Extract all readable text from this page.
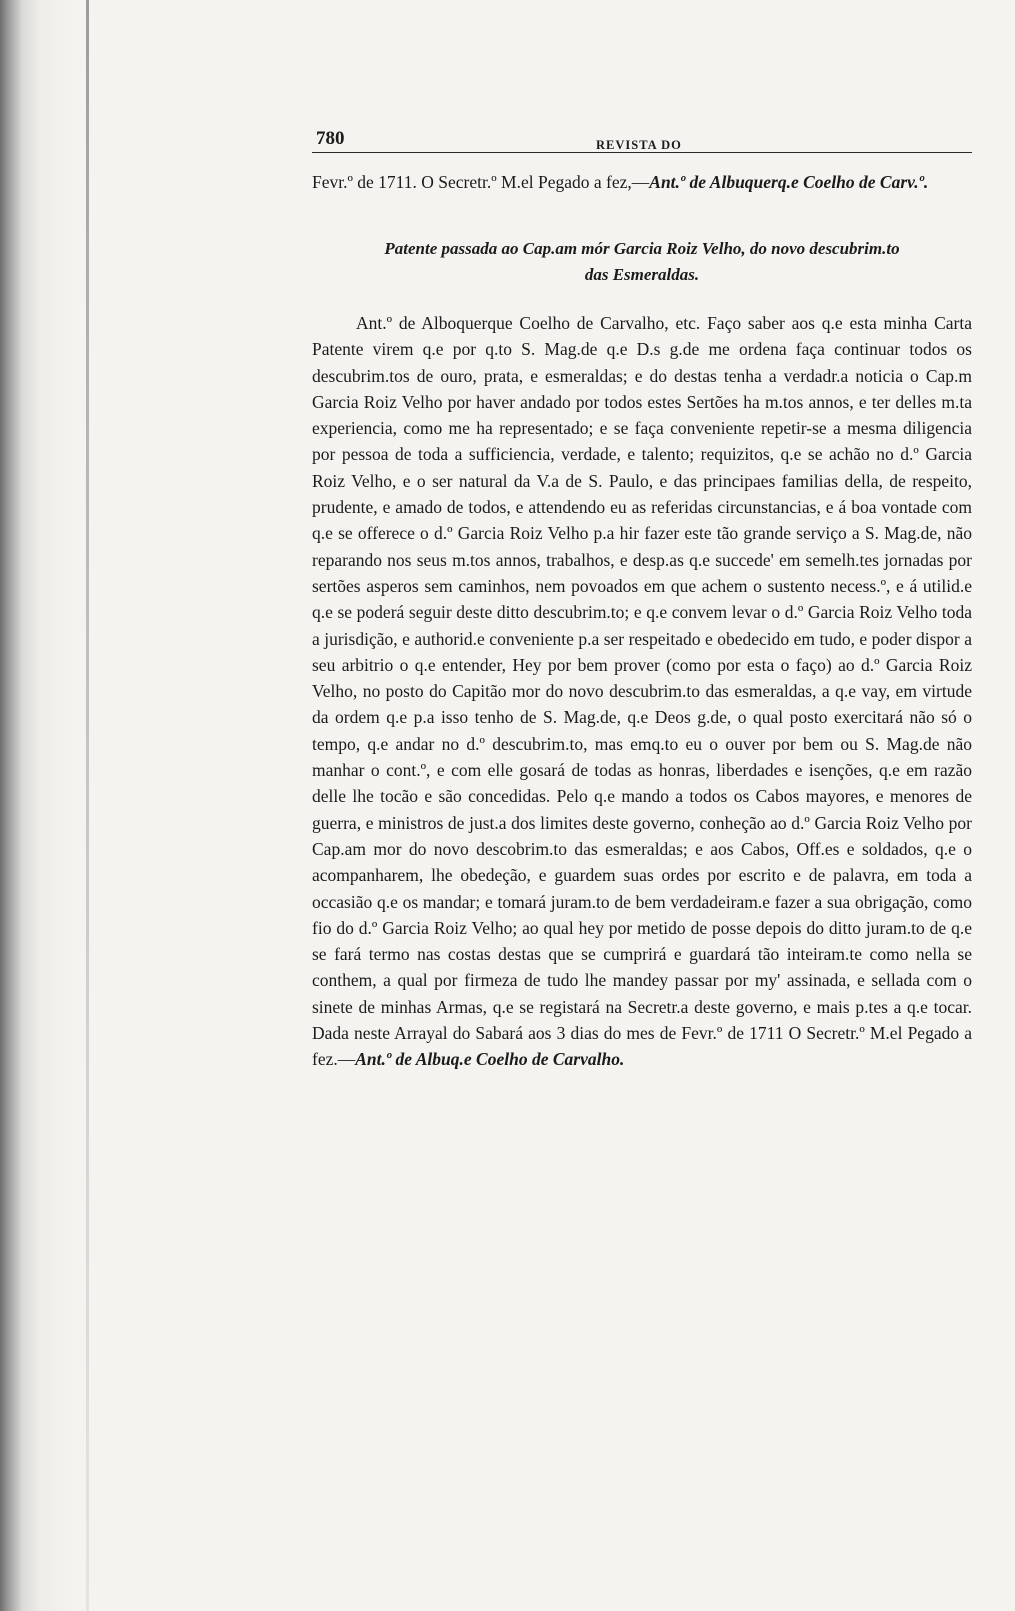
780	REVISTA DO

Fevr.º de 1711. O Secretr.º M.el Pegado a fez,—Ant.º de Albuquerq.e Coelho de Carv.º.

Patente passada ao Cap.am mór Garcia Roiz Velho, do novo descubrim.to
das Esmeraldas.

Ant.º de Alboquerque Coelho de Carvalho, etc. Faço saber aos q.e esta minha Carta Patente virem q.e por q.to S. Mag.de q.e D.s g.de me ordena faça continuar todos os descubrim.tos de ouro, prata, e esmeraldas; e do destas tenha a verdadr.a noticia o Cap.m Garcia Roiz Velho por haver andado por todos estes Sertões ha m.tos annos, e ter delles m.ta experiencia, como me ha representado; e se faça conveniente repetir-se a mesma diligencia por pessoa de toda a sufficiencia, verdade, e talento; requizitos, q.e se achão no d.º Garcia Roiz Velho, e o ser natural da V.a de S. Paulo, e das principaes familias della, de respeito, prudente, e amado de todos, e attendendo eu as referidas circunstancias, e á boa vontade com q.e se offerece o d.º Garcia Roiz Velho p.a hir fazer este tão grande serviço a S. Mag.de, não reparando nos seus m.tos annos, trabalhos, e desp.as q.e succede' em semelh.tes jornadas por sertões asperos sem caminhos, nem povoados em que achem o sustento necess.º, e á utilid.e q.e se poderá seguir deste ditto descubrim.to; e q.e convem levar o d.º Garcia Roiz Velho toda a jurisdição, e authorid.e conveniente p.a ser respeitado e obedecido em tudo, e poder dispor a seu arbitrio o q.e entender, Hey por bem prover (como por esta o faço) ao d.º Garcia Roiz Velho, no posto do Capitão mor do novo descubrim.to das esmeraldas, a q.e vay, em virtude da ordem q.e p.a isso tenho de S. Mag.de, q.e Deos g.de, o qual posto exercitará não só o tempo, q.e andar no d.º descubrim.to, mas emq.to eu o ouver por bem ou S. Mag.de não manhar o cont.º, e com elle gosará de todas as honras, liberdades e isenções, q.e em razão delle lhe tocão e são concedidas. Pelo q.e mando a todos os Cabos mayores, e menores de guerra, e ministros de just.a dos limites deste governo, conheção ao d.º Garcia Roiz Velho por Cap.am mor do novo descobrim.to das esmeraldas; e aos Cabos, Off.es e soldados, q.e o acompanharem, lhe obedeção, e guardem suas ordes por escrito e de palavra, em toda a occasião q.e os mandar; e tomará juram.to de bem verdadeiram.e fazer a sua obrigação, como fio do d.º Garcia Roiz Velho; ao qual hey por metido de posse depois do ditto juram.to de q.e se fará termo nas costas destas que se cumprirá e guardará tão inteiram.te como nella se conthem, a qual por firmeza de tudo lhe mandey passar por my' assinada, e sellada com o sinete de minhas Armas, q.e se registará na Secretr.a deste governo, e mais p.tes a q.e tocar. Dada neste Arrayal do Sabará aos 3 dias do mes de Fevr.º de 1711 O Secretr.º M.el Pegado a fez.—Ant.º de Albuq.e Coelho de Carvalho.
